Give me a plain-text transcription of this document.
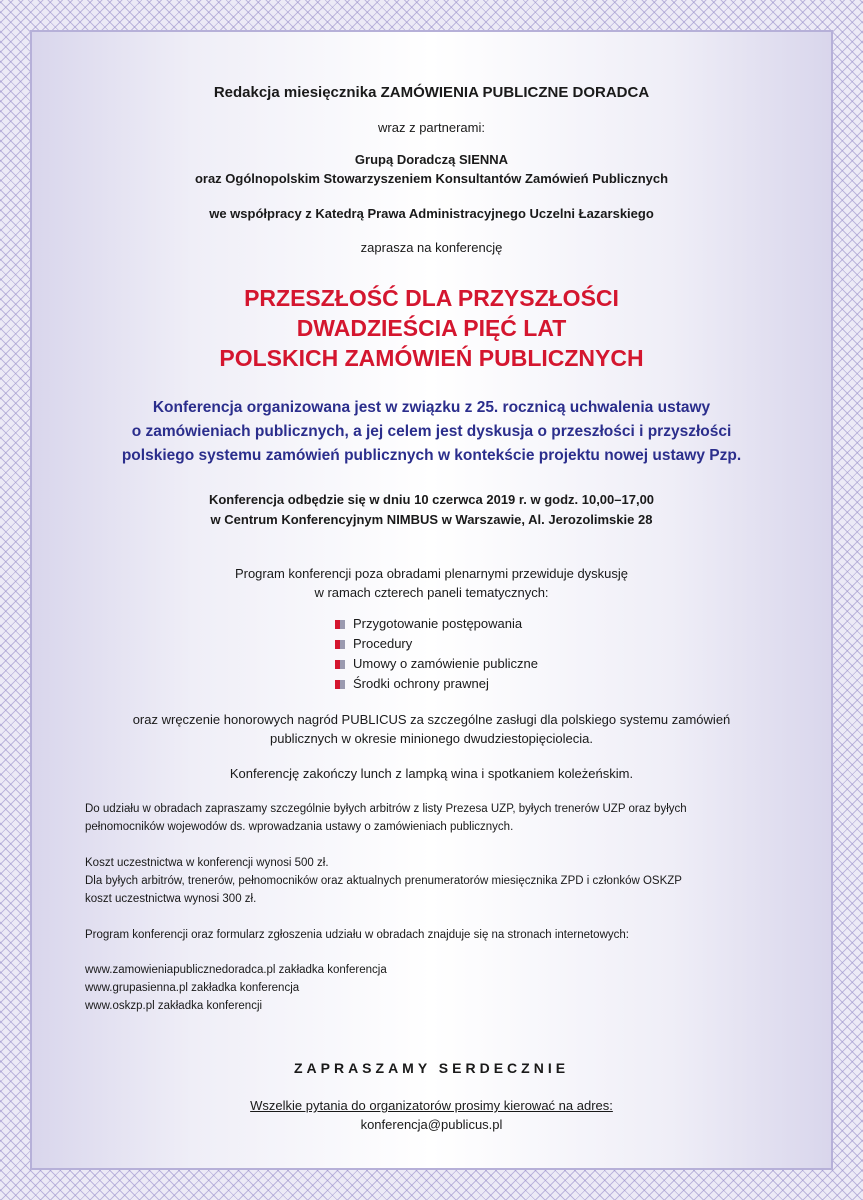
Redakcja miesięcznika ZAMÓWIENIA PUBLICZNE DORADCA
wraz z partnerami:
Grupą Doradczą SIENNA
oraz Ogólnopolskim Stowarzyszeniem Konsultantów Zamówień Publicznych
we współpracy z Katedrą Prawa Administracyjnego Uczelni Łazarskiego
zaprasza na konferencję
PRZESZŁOŚĆ DLA PRZYSZŁOŚCI
DWADZIEŚCIA PIĘĆ LAT
POLSKICH ZAMÓWIEŃ PUBLICZNYCH
Konferencja organizowana jest w związku z 25. rocznicą uchwalenia ustawy
o zamówieniach publicznych, a jej celem jest dyskusja o przeszłości i przyszłości
polskiego systemu zamówień publicznych w kontekście projektu nowej ustawy Pzp.
Konferencja odbędzie się w dniu 10 czerwca 2019 r. w godz. 10,00–17,00
w Centrum Konferencyjnym NIMBUS w Warszawie, Al. Jerozolimskie 28
Program konferencji poza obradami plenarnymi przewiduje dyskusję
w ramach czterech paneli tematycznych:
Przygotowanie postępowania
Procedury
Umowy o zamówienie publiczne
Środki ochrony prawnej
oraz wręczenie honorowych nagród PUBLICUS za szczególne zasługi dla polskiego systemu zamówień
publicznych w okresie minionego dwudziestopięciolecia.
Konferencję zakończy lunch z lampką wina i spotkaniem koleżeńskim.
Do udziału w obradach zapraszamy szczególnie byłych arbitrów z listy Prezesa UZP, byłych trenerów UZP oraz byłych
pełnomocników wojewodów ds. wprowadzania ustawy o zamówieniach publicznych.
Koszt uczestnictwa w konferencji wynosi 500 zł.
Dla byłych arbitrów, trenerów, pełnomocników oraz aktualnych prenumeratorów miesięcznika ZPD i członków OSKZP
koszt uczestnictwa wynosi 300 zł.
Program konferencji oraz formularz zgłoszenia udziału w obradach znajduje się na stronach internetowych:
www.zamowieniapublicznedoradca.pl zakładka konferencja
www.grupasienna.pl zakładka konferencja
www.oskzp.pl zakładka konferencji
ZAPRASZAMY SERDECZNIE
Wszelkie pytania do organizatorów prosimy kierować na adres:
konferencja@publicus.pl
